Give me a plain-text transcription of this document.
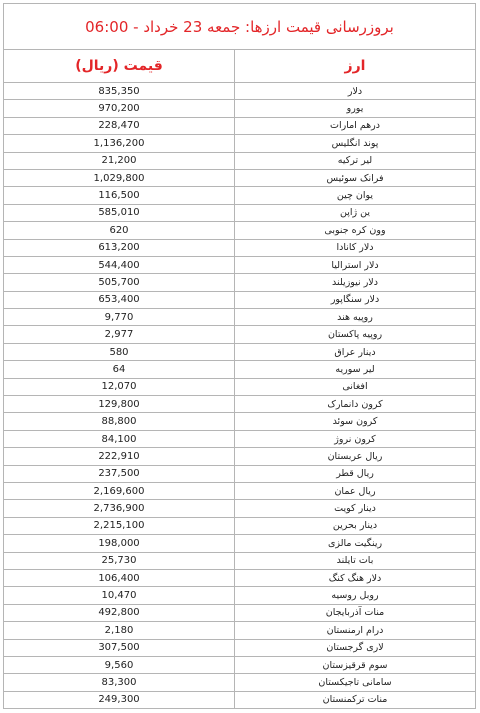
بروزرسانی قیمت ارزها: جمعه 23 خرداد - 06:00	
ارز	قیمت (ریال)
دلار	835,350
یورو	970,200
درهم امارات	228,470
پوند انگلیس	1,136,200
لیر ترکیه	21,200
فرانک سوئیس	1,029,800
یوان چین	116,500
ین ژاپن	585,010
وون کره جنوبی	620
دلار کانادا	613,200
دلار استرالیا	544,400
دلار نیوزیلند	505,700
دلار سنگاپور	653,400
روپیه هند	9,770
روپیه پاکستان	2,977
دینار عراق	580
لیر سوریه	64
افغانی	12,070
کرون دانمارک	129,800
کرون سوئد	88,800
کرون نروژ	84,100
ریال عربستان	222,910
ریال قطر	237,500
ریال عمان	2,169,600
دینار کویت	2,736,900
دینار بحرین	2,215,100
رینگیت مالزی	198,000
بات تایلند	25,730
دلار هنگ کنگ	106,400
روبل روسیه	10,470
منات آذربایجان	492,800
درام ارمنستان	2,180
لاری گرجستان	307,500
سوم قرقیزستان	9,560
سامانی تاجیکستان	83,300
منات ترکمنستان	249,300
